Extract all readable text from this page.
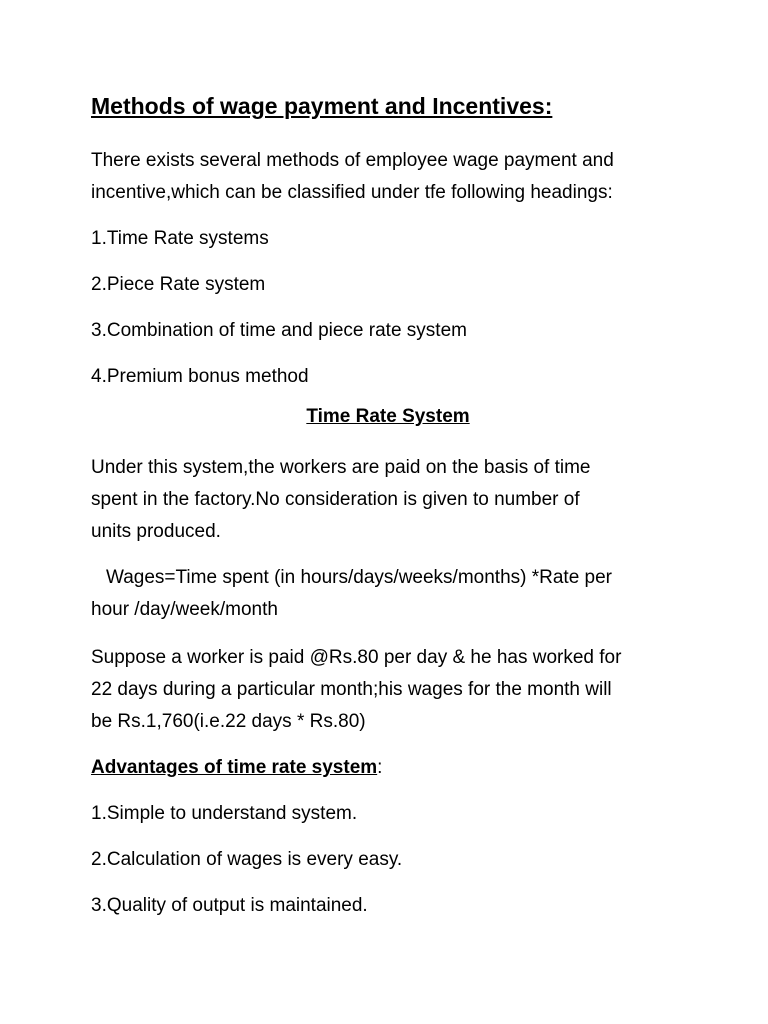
Methods of wage payment and Incentives:
There exists several methods of employee wage payment and
incentive,which can be classified under tfe following headings:
1.Time Rate systems
2.Piece Rate system
3.Combination of time and piece rate system
4.Premium bonus method
Time Rate System
Under this system,the workers are paid on the basis of time
spent in the factory.No consideration is given to number of
units produced.
Wages=Time spent (in hours/days/weeks/months) *Rate per
hour /day/week/month
Suppose a worker is paid @Rs.80 per day & he has worked for
22 days during a particular month;his wages for the month will
be Rs.1,760(i.e.22 days * Rs.80)
Advantages of time rate system:
1.Simple to understand system.
2.Calculation of wages is every easy.
3.Quality of output is maintained.
